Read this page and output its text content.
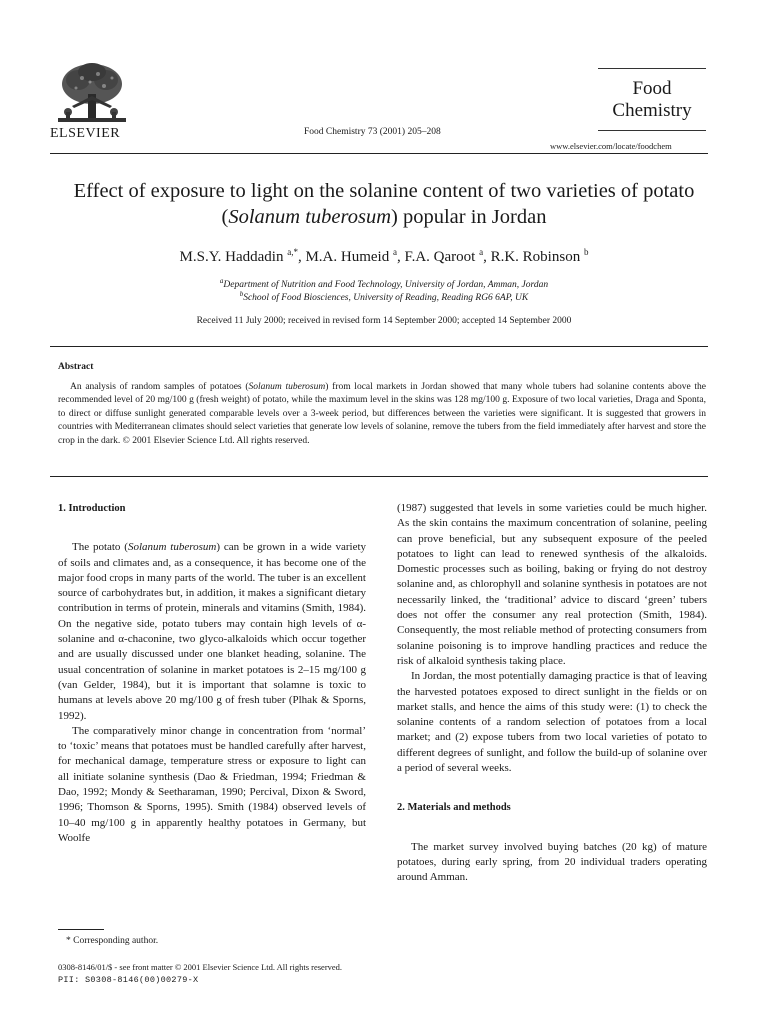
ELSEVIER	Food Chemistry 73 (2001) 205–208
Food
Chemistry
www.elsevier.com/locate/foodchem
Effect of exposure to light on the solanine content of two varieties of potato (Solanum tuberosum) popular in Jordan
M.S.Y. Haddadin $^{a,*}$, M.A. Humeid $^a$, F.A. Qaroot $^a$, R.K. Robinson $^b$
$^a$Department of Nutrition and Food Technology, University of Jordan, Amman, Jordan
$^b$School of Food Biosciences, University of Reading, Reading RG6 6AP, UK
Received 11 July 2000; received in revised form 14 September 2000; accepted 14 September 2000
Abstract

An analysis of random samples of potatoes (Solanum tuberosum) from local markets in Jordan showed that many whole tubers had solanine contents above the recommended level of 20 mg/100 g (fresh weight) of potato, while the maximum level in the skins was 128 mg/100 g. Exposure of two local varieties, Draga and Sponta, to direct or diffuse sunlight generated comparable levels over a 3-week period, but differences between the varieties were significant. It is suggested that growers in countries with Mediterranean climates should select varieties that generate low levels of solanine, remove the tubers from the field immediately after harvest and store the crop in the dark. © 2001 Elsevier Science Ltd. All rights reserved.

1. Introduction

The potato (Solanum tuberosum) can be grown in a wide variety of soils and climates and, as a consequence, it has become one of the major food crops in many parts of the world. The tuber is an excellent source of carbohydrates but, in addition, it makes a significant dietary contribution in terms of protein, minerals and vitamins (Smith, 1984). On the negative side, potato tubers may contain high levels of α-solanine and α-chaconine, two glyco-alkaloids which occur together and are usually discussed under one blanket heading, solanine. The usual concentration of solanine in market potatoes is 2–15 mg/100 g (van Gelder, 1984), but it is important that solamne is toxic to humans at levels above 20 mg/100 g of fresh tuber (Plhak & Sporns, 1992).

The comparatively minor change in concentration from ‘normal’ to ‘toxic’ means that potatoes must be handled carefully after harvest, for mechanical damage, temperature stress or exposure to light can all initiate solanine synthesis (Dao & Friedman, 1994; Friedman & Dao, 1992; Mondy & Seetharaman, 1990; Percival, Dixon & Sword, 1996; Thomson & Sporns, 1995). Smith (1984) observed levels of 10–40 mg/100 g in apparently healthy potatoes in Germany, but Woolfe

(1987) suggested that levels in some varieties could be much higher. As the skin contains the maximum concentration of solanine, peeling can prove beneficial, but any subsequent exposure of the peeled potatoes to light can lead to renewed synthesis of the alkaloids. Domestic processes such as boiling, baking or frying do not destroy solanine and, as chlorophyll and solanine synthesis in potatoes are not necessarily linked, the ‘traditional’ advice to discard ‘green’ tubers does not offer the consumer any real protection (Smith, 1984). Consequently, the most reliable method of protecting consumers from solanine poisoning is to improve handling practices and reduce the risk of alkaloid synthesis taking place.

In Jordan, the most potentially damaging practice is that of leaving the harvested potatoes exposed to direct sunlight in the fields or on market stalls, and hence the aims of this study were: (1) to check the solanine contents of a random selection of potatoes from a local market; and (2) expose tubers from two local varieties of potato to different degrees of sunlight, and follow the build-up of solanine over a period of several weeks.

2. Materials and methods

The market survey involved buying batches (20 kg) of mature potatoes, during early spring, from 20 individual traders operating around Amman.

* Corresponding author.
0308-8146/01/$ - see front matter © 2001 Elsevier Science Ltd. All rights reserved.
PII: S0308-8146(00)00279-X
